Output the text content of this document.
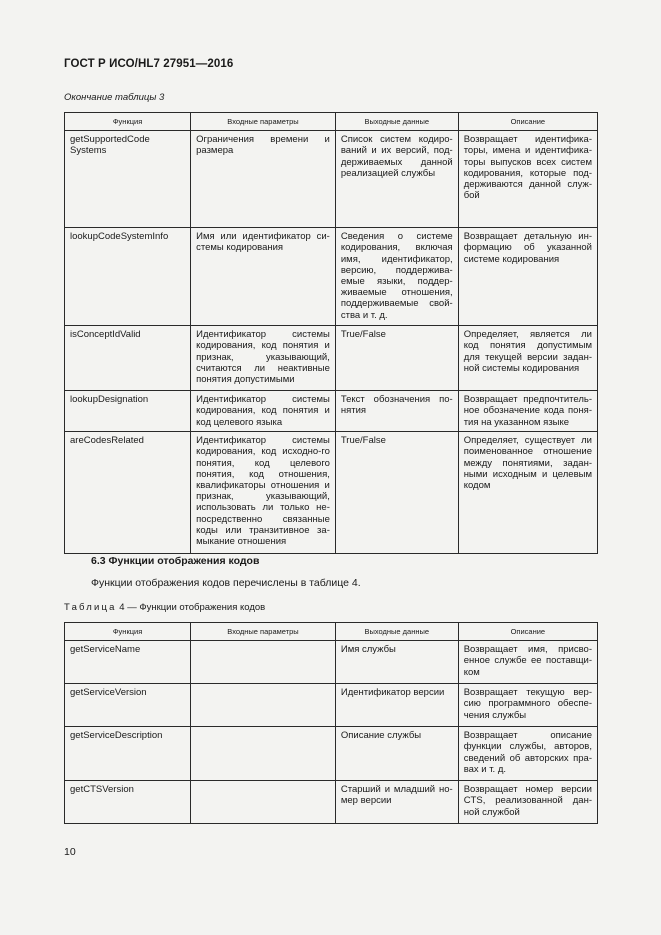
ГОСТ Р ИСО/HL7 27951—2016
Окончание таблицы 3
Функция	Входные параметры	Выходные данные	Описание
getSupportedCode Systems	Ограничения времени и размера	Список систем кодиро-ваний и их версий, под-держиваемых данной реализацией службы	Возвращает идентифика-торы, имена и идентифика-торы выпусков всех систем кодирования, которые под-держиваются данной служ-бой
lookupCodeSystemInfo	Имя или идентификатор си-стемы кодирования	Сведения о системе кодирования, включая имя, идентификатор, версию, поддержива-емые языки, поддер-живаемые отношения, поддерживаемые свой-ства и т. д.	Возвращает детальную ин-формацию об указанной системе кодирования
isConceptIdValid	Идентификатор системы кодирования, код понятия и признак, указывающий, считаются ли неактивные понятия допустимыми	True/False	Определяет, является ли код понятия допустимым для текущей версии задан-ной системы кодирования
lookupDesignation	Идентификатор системы кодирования, код понятия и код целевого языка	Текст обозначения по-нятия	Возвращает предпочтитель-ное обозначение кода поня-тия на указанном языке
areCodesRelated	Идентификатор системы кодирования, код исходно-го понятия, код целевого понятия, код отношения, квалификаторы отношения и признак, указывающий, использовать ли только не-посредственно связанные коды или транзитивное за-мыкание отношения	True/False	Определяет, существует ли поименованное отношение между понятиями, задан-ными исходным и целевым кодом
6.3 Функции отображения кодов
Функции отображения кодов перечислены в таблице 4.
Таблица 4 — Функции отображения кодов
Функция	Входные параметры	Выходные данные	Описание
getServiceName		Имя службы	Возвращает имя, присво-енное службе ее поставщи-ком
getServiceVersion		Идентификатор версии	Возвращает текущую вер-сию программного обеспе-чения службы
getServiceDescription		Описание службы	Возвращает описание функции службы, авторов, сведений об авторских пра-вах и т. д.
getCTSVersion		Старший и младший но-мер версии	Возвращает номер версии CTS, реализованной дан-ной службой
10
